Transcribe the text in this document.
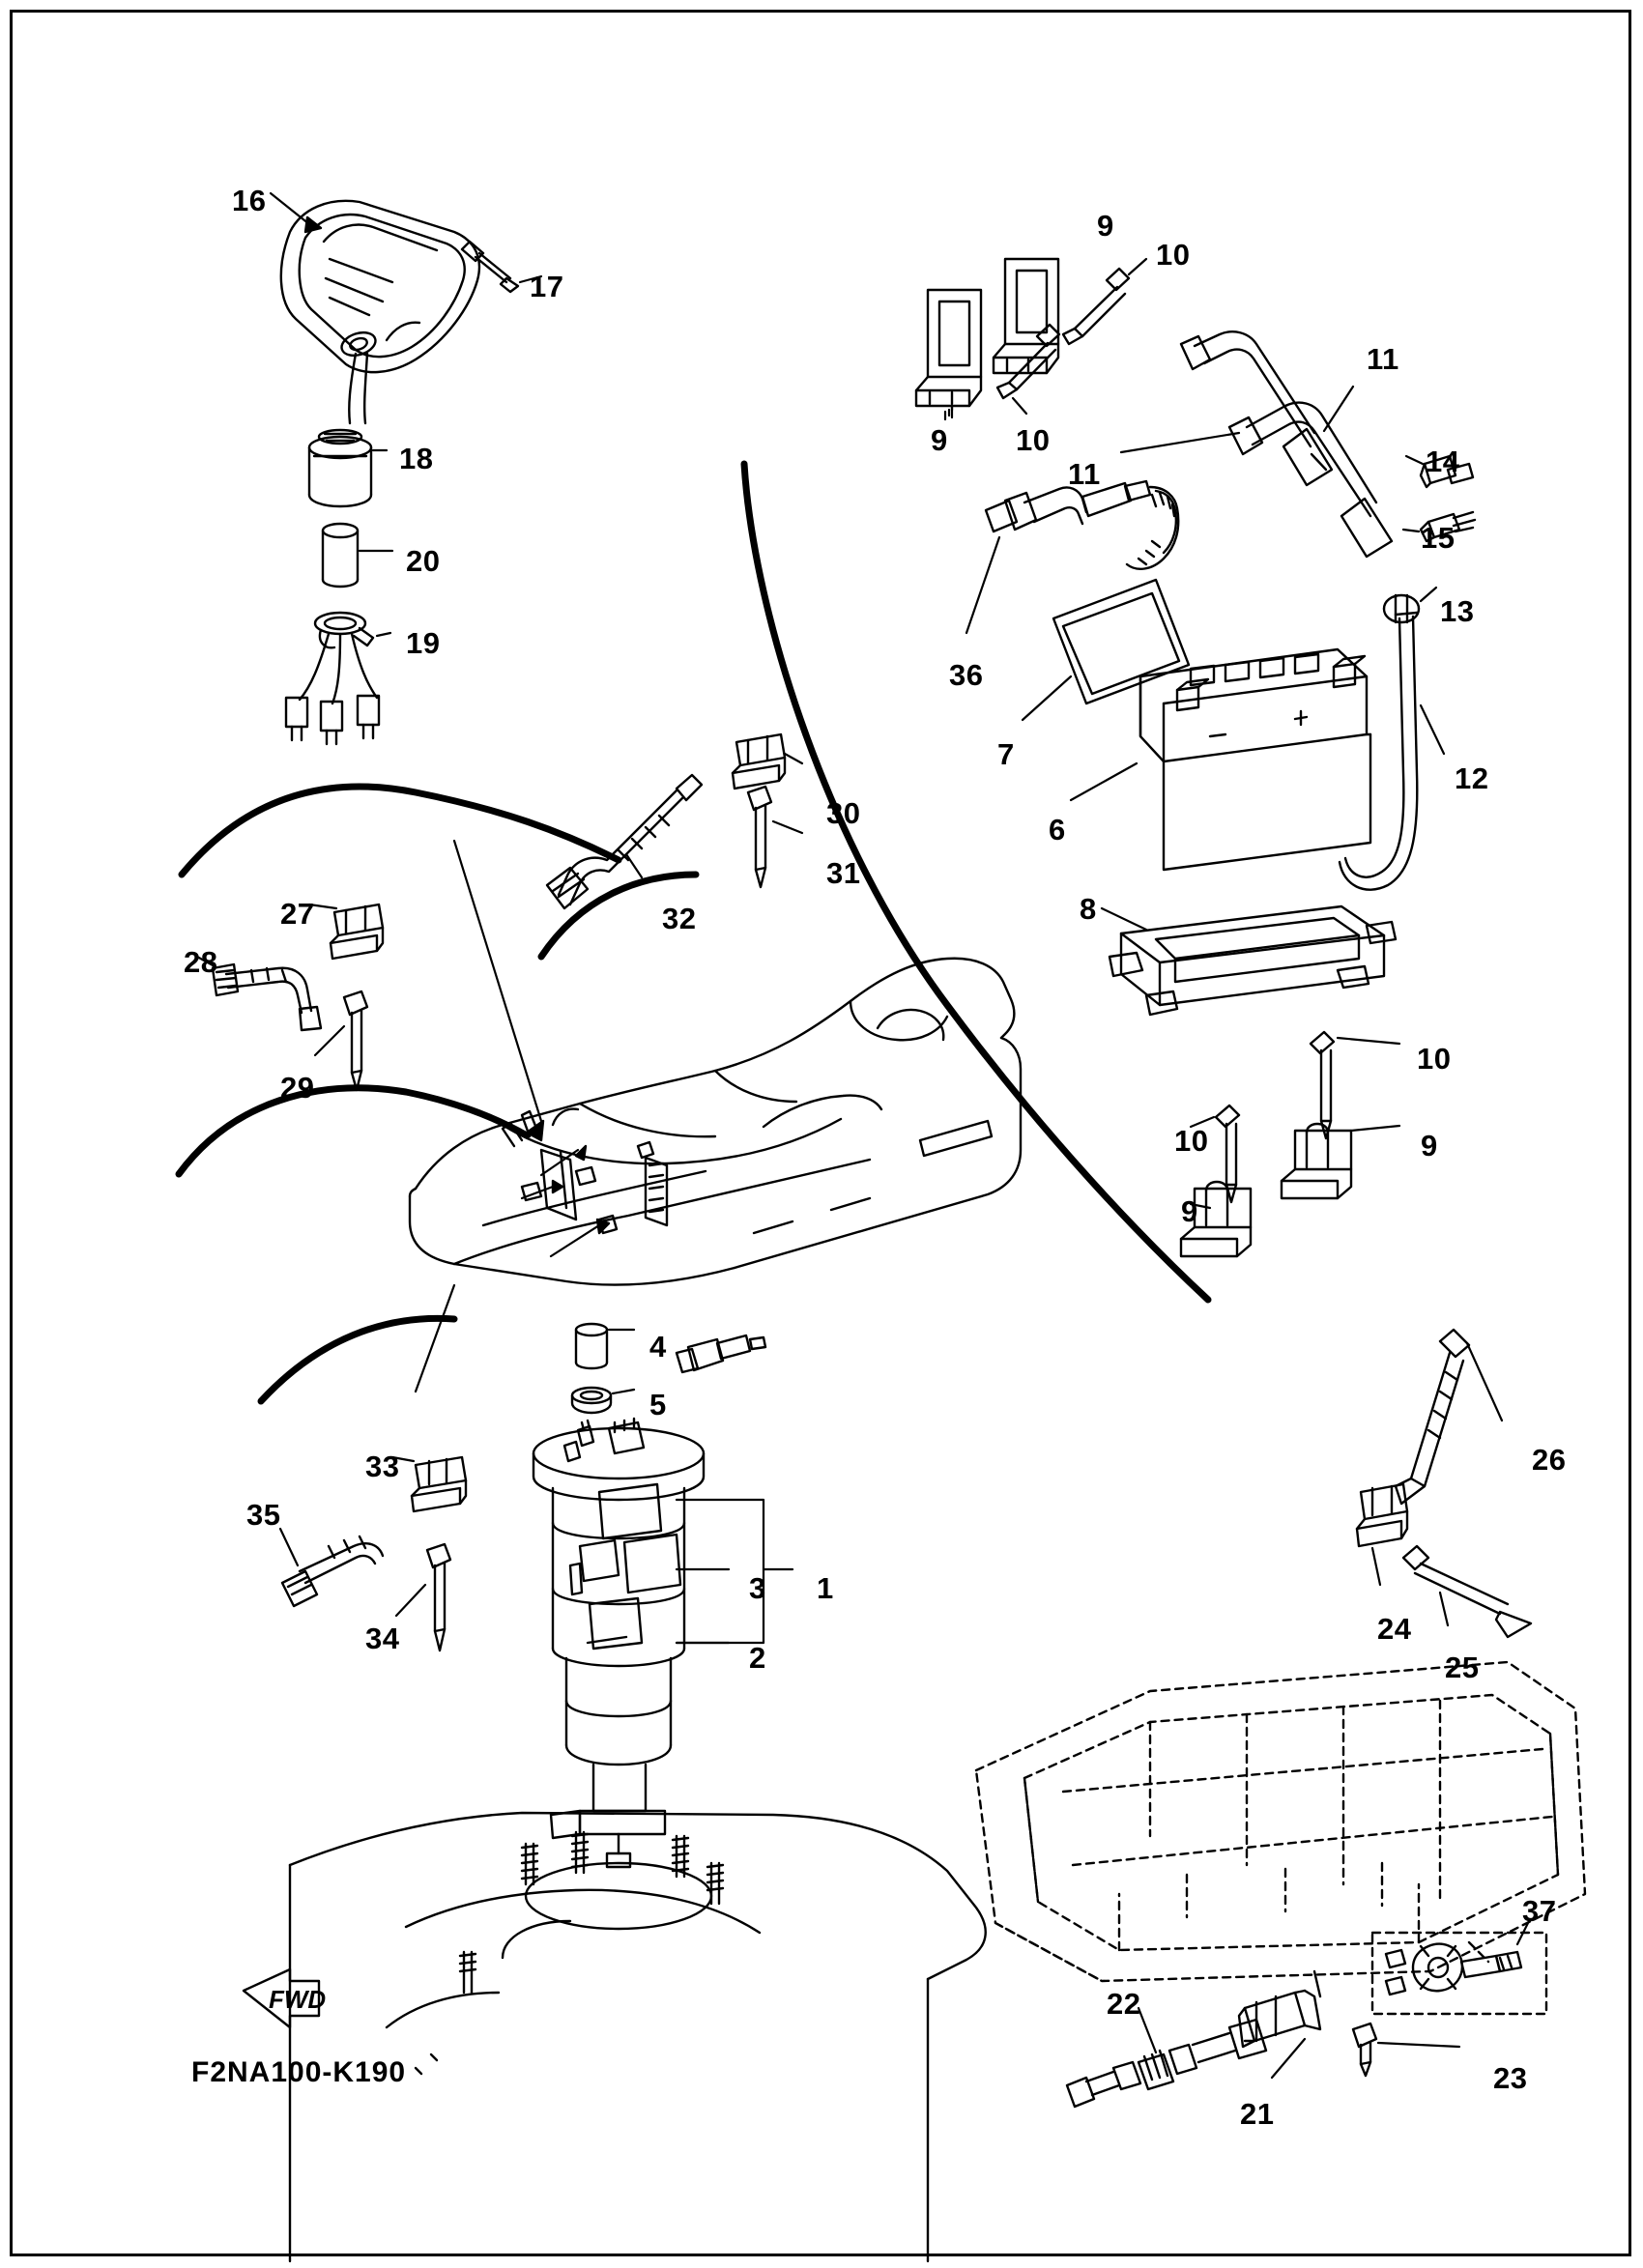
16
17
18
20
19
9
10
9 10
11
11	14
15
13
12
36
7
6
8
10
9
10
9
30
31
32
27
28
29
4
5
3 1
2
33
35
34
26
24
25
37
22
23
21
FWD
F2NA100-K190
